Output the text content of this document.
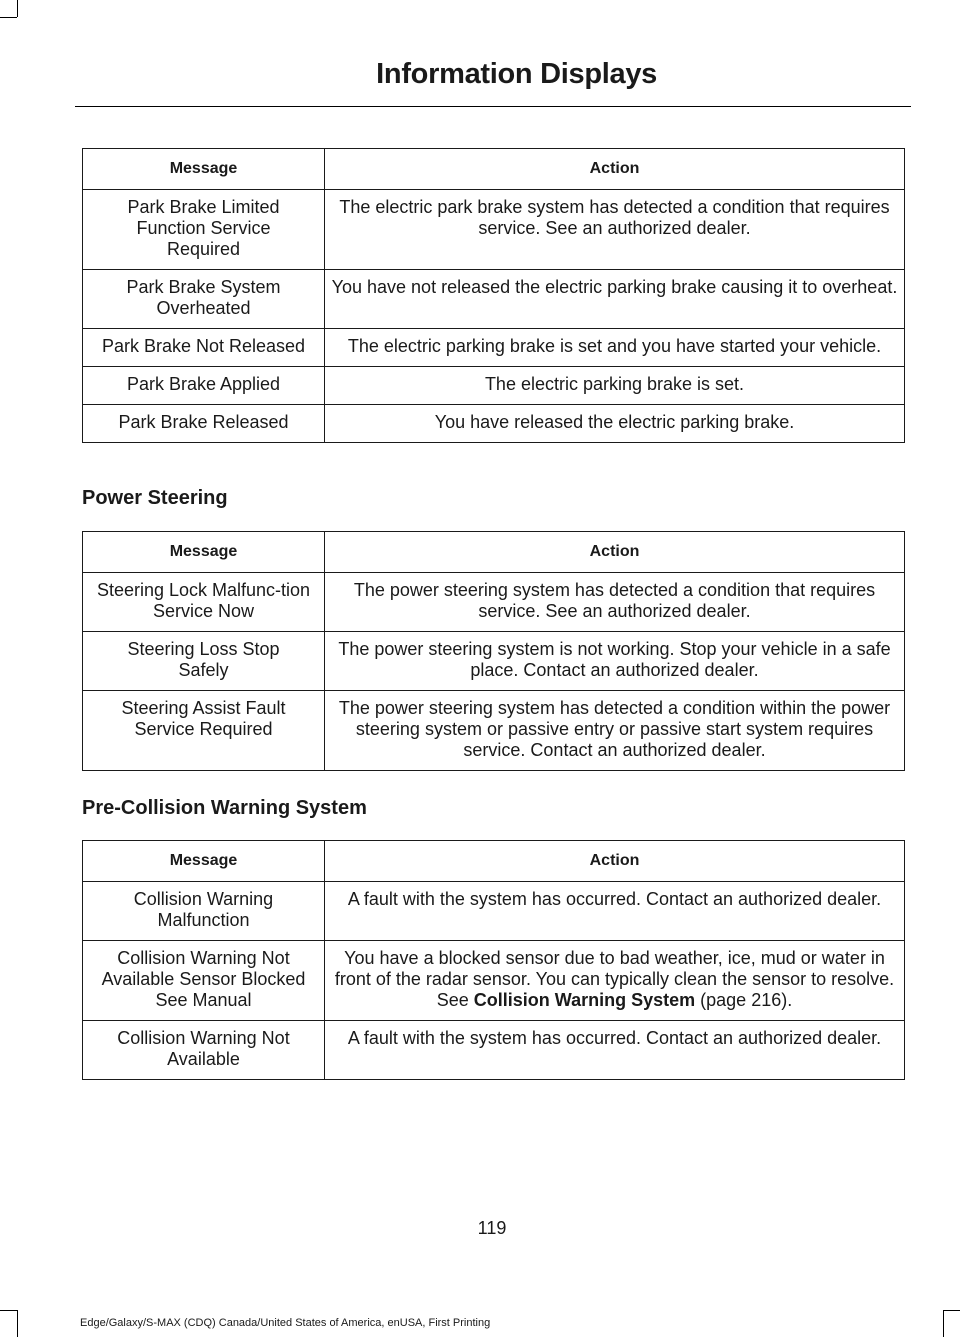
Information Displays
Message	Action
Park Brake Limited Function Service Required	The electric park brake system has detected a condition that requires service. See an authorized dealer.
Park Brake System Overheated	You have not released the electric parking brake causing it to overheat.
Park Brake Not Released	The electric parking brake is set and you have started your vehicle.
Park Brake Applied	The electric parking brake is set.
Park Brake Released	You have released the electric parking brake.
Power Steering
Message	Action
Steering Lock Malfunc-tion Service Now	The power steering system has detected a condition that requires service. See an authorized dealer.
Steering Loss Stop Safely	The power steering system is not working. Stop your vehicle in a safe place. Contact an authorized dealer.
Steering Assist Fault Service Required	The power steering system has detected a condition within the power steering system or passive entry or passive start system requires service. Contact an authorized dealer.
Pre-Collision Warning System
Message	Action
Collision Warning Malfunction	A fault with the system has occurred. Contact an authorized dealer.
Collision Warning Not Available Sensor Blocked See Manual	You have a blocked sensor due to bad weather, ice, mud or water in front of the radar sensor. You can typically clean the sensor to resolve. See Collision Warning System (page 216).
Collision Warning Not Available	A fault with the system has occurred. Contact an authorized dealer.
119
Edge/Galaxy/S-MAX (CDQ) Canada/United States of America, enUSA, First Printing
